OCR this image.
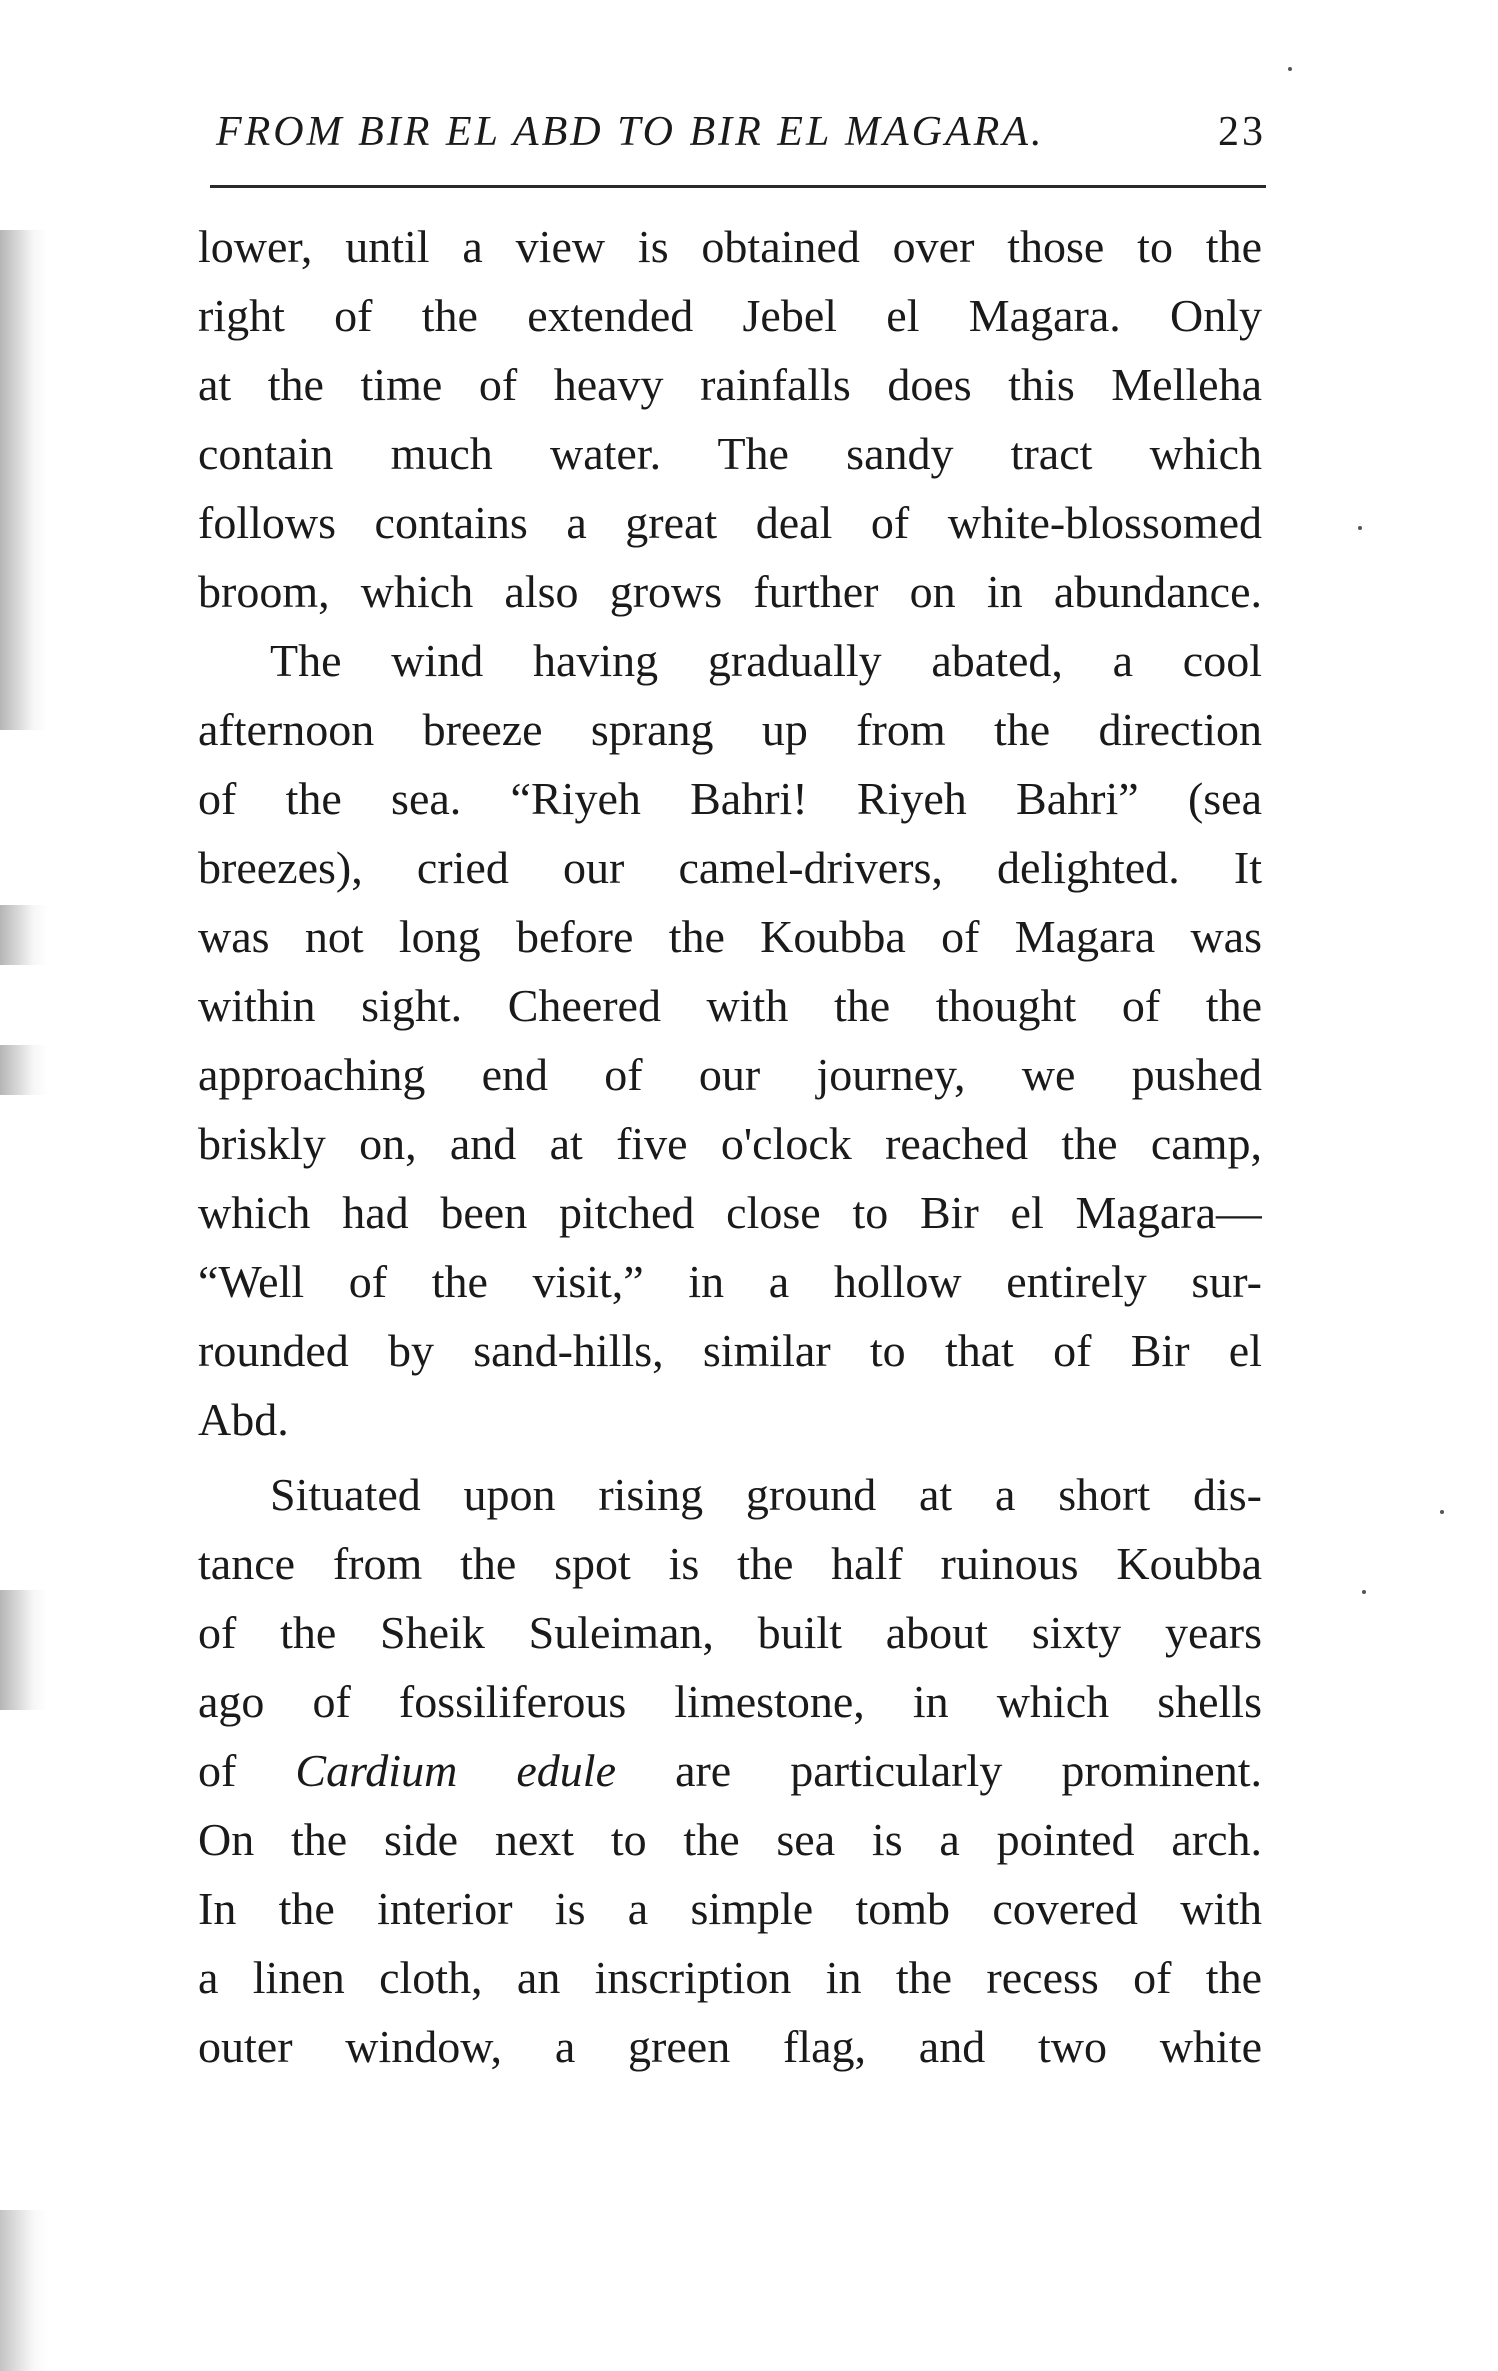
FROM BIR EL ABD TO BIR EL MAGARA.	23
lower, until a view is obtained over those to the
right of the extended Jebel el Magara. Only
at the time of heavy rainfalls does this Melleha
contain much water. The sandy tract which
follows contains a great deal of white-blossomed
broom, which also grows further on in abundance.
The wind having gradually abated, a cool
afternoon breeze sprang up from the direction
of the sea. “Riyeh Bahri! Riyeh Bahri” (sea
breezes), cried our camel-drivers, delighted. It
was not long before the Koubba of Magara was
within sight. Cheered with the thought of the
approaching end of our journey, we pushed
briskly on, and at five o'clock reached the camp,
which had been pitched close to Bir el Magara—
“Well of the visit,” in a hollow entirely sur-
rounded by sand-hills, similar to that of Bir el
Abd.
Situated upon rising ground at a short dis-
tance from the spot is the half ruinous Koubba
of the Sheik Suleiman, built about sixty years
ago of fossiliferous limestone, in which shells
of Cardium edule are particularly prominent.
On the side next to the sea is a pointed arch.
In the interior is a simple tomb covered with
a linen cloth, an inscription in the recess of the
outer window, a green flag, and two white
